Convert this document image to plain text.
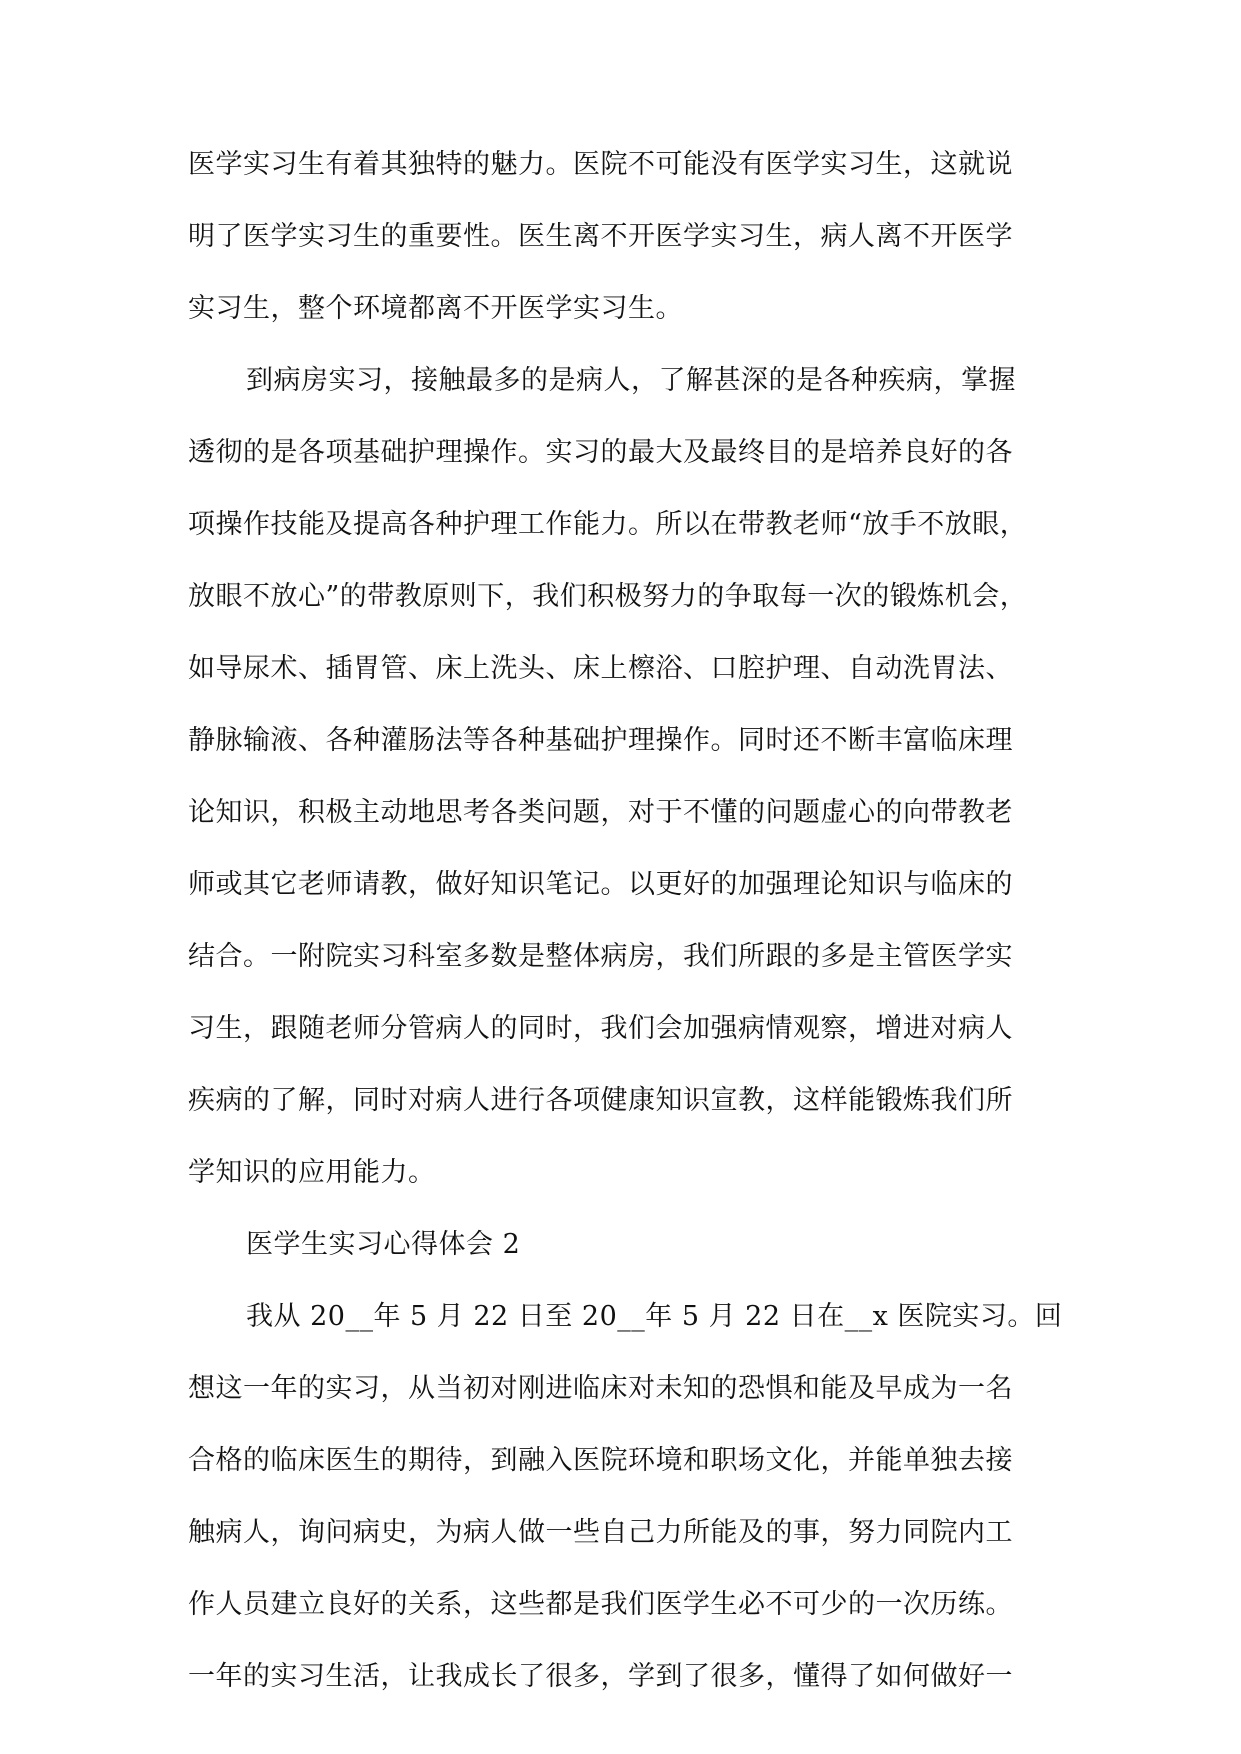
医学实习生有着其独特的魅力。医院不可能没有医学实习生，这就说
明了医学实习生的重要性。医生离不开医学实习生，病人离不开医学
实习生，整个环境都离不开医学实习生。
到病房实习，接触最多的是病人，了解甚深的是各种疾病，掌握
透彻的是各项基础护理操作。实习的最大及最终目的是培养良好的各
项操作技能及提高各种护理工作能力。所以在带教老师“放手不放眼，
放眼不放心”的带教原则下，我们积极努力的争取每一次的锻炼机会，
如导尿术、插胃管、床上洗头、床上檫浴、口腔护理、自动洗胃法、
静脉输液、各种灌肠法等各种基础护理操作。同时还不断丰富临床理
论知识，积极主动地思考各类问题，对于不懂的问题虚心的向带教老
师或其它老师请教，做好知识笔记。以更好的加强理论知识与临床的
结合。一附院实习科室多数是整体病房，我们所跟的多是主管医学实
习生，跟随老师分管病人的同时，我们会加强病情观察，增进对病人
疾病的了解，同时对病人进行各项健康知识宣教，这样能锻炼我们所
学知识的应用能力。
医学生实习心得体会 2
我从 20__年 5 月 22 日至 20__年 5 月 22 日在__x 医院实习。回
想这一年的实习，从当初对刚进临床对未知的恐惧和能及早成为一名
合格的临床医生的期待，到融入医院环境和职场文化，并能单独去接
触病人，询问病史，为病人做一些自己力所能及的事，努力同院内工
作人员建立良好的关系，这些都是我们医学生必不可少的一次历练。
一年的实习生活，让我成长了很多，学到了很多，懂得了如何做好一
